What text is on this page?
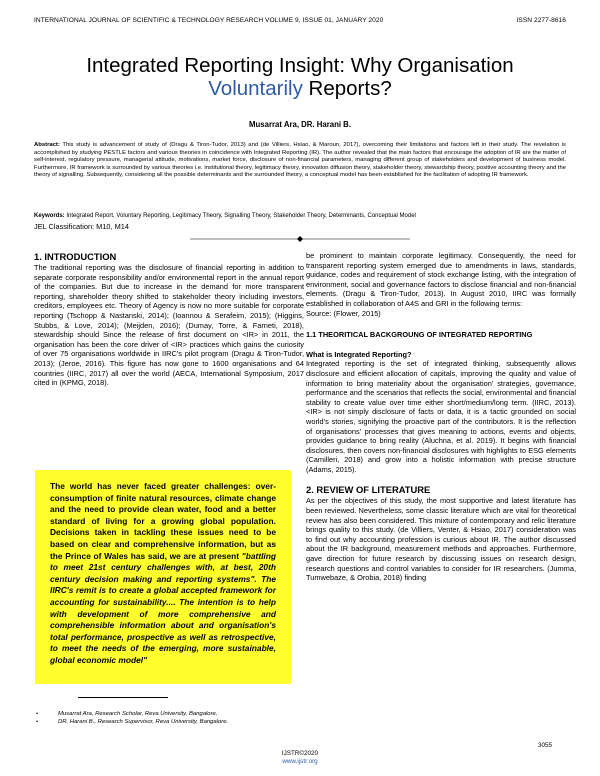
INTERNATIONAL JOURNAL OF SCIENTIFIC & TECHNOLOGY RESEARCH VOLUME 9, ISSUE 01, JANUARY 2020	ISSN 2277-8616
Integrated Reporting Insight: Why Organisation
Voluntarily Reports?
Musarrat Ara, DR. Harani B.
Abstract: This study is advancement of study of (Dragu & Tiron-Tudor, 2013) and (de Villiers, Hsiao, & Maroun, 2017), overcoming their limitations and factors left in their study. The revelation is accomplished by studying PESTLE factors and various theories in coincidence with Integrated Reporting (IR). The author revealed that the main factors that encourage the adoption of IR are the matter of self-interest, regulatory pressure, managerial attitude, motivations, market force, disclosure of non-financial parameters, managing different group of stakeholders and development of business model. Furthermore, IR framework is surrounded by various theories i.e. institutional theory, legitimacy theory, innovation diffusion theory, stakeholder theory, stewardship theory, positive accounting theory and the theory of signalling. Subsequently, considering all the possible determinants and the surrounded theory, a conceptual model has been established for the facilitation of adopting IR framework.
Keywords: Integrated Report, Voluntary Reporting, Legitimacy Theory, Signalling Theory, Stakeholder Theory, Determinants, Conceptual Model
JEL Classification: M10, M14
1. INTRODUCTION
The traditional reporting was the disclosure of financial reporting in addition to separate corporate responsibility and/or environmental report in the annual report of the companies. But due to increase in the demand for more transparent reporting, shareholder theory shifted to stakeholder theory including investors, creditors, employees etc. Theory of Agency is now no more suitable for corporate reporting (Tschopp & Nastanski, 2014); (Ioannou & Serafeim, 2015); (Higgins, Stubbs, & Love, 2014); (Meijden, 2016); (Dumay, Torre, & Farneti, 2018), stewardship should Since the release of first document on <IR> in 2011, the organisation has been the core driver of <IR> practices which gains the curiosity of over 75 organisations worldwide in IIRC's pilot program (Dragu & Tiron-Tudor, 2013); (Jeroe, 2016). This figure has now gone to 1600 organisations and 64 countries (IIRC, 2017) all over the world (AECA, International Symposium, 2017 cited in (KPMG, 2018).
The world has never faced greater challenges: over-consumption of finite natural resources, climate change and the need to provide clean water, food and a better standard of living for a growing global population. Decisions taken in tackling these issues need to be based on clear and comprehensive information, but as the Prince of Wales has said, we are at present "battling to meet 21st century challenges with, at best, 20th century decision making and reporting systems". The IIRC's remit is to create a global accepted framework for accounting for sustainability.... The intention is to help with development of more comprehensive and comprehensible information about and organisation's total performance, prospective as well as retrospective, to meet the needs of the emerging, more sustainable, global economic model"
•	Musarrat Ara, Research Scholar, Reva University, Bangalore.
•	DR. Harani B., Research Supervisor, Reva University, Bangalore.
be prominent to maintain corporate legitimacy. Consequently, the need for transparent reporting system emerged due to amendments in laws, standards, guidance, codes and requirement of stock exchange listing, with the integration of environment, social and governance factors to disclose financial and non-financial elements. (Dragu & Tiron-Tudor, 2013). In August 2010, IIRC was formally established in collaboration of A4S and GRI in the following terms:
Source: (Flower, 2015)
1.1 THEORITICAL BACKGROUNG OF INTEGRATED REPORTING
What is Integrated Reporting?
Integrated reporting is the set of integrated thinking, subsequently allows disclosure and efficient allocation of capitals, improving the quality and value of information to bring materiality about the organisation' strategies, governance, performance and the scenarios that reflects the social, environmental and financial stability to create value over time either short/medium/long term. (IIRC, 2013). <IR> is not simply disclosure of facts or data, it is a tactic grounded on social world's stories, signifying the proactive part of the contributors. It is the reflection of organisations' processes that gives meaning to actions, events and objects, provides guidance to bring reality (Aluchna, et al. 2019). It begins with financial disclosures, then covers non-financial disclosures with highlights to ESG elements (Camilleri, 2018) and grow into a holistic information with precise structure (Adams, 2015).
2. REVIEW OF LITERATURE
As per the objectives of this study, the most supportive and latest literature has been reviewed. Nevertheless, some classic literature which are vital for theoretical review has also been considered. This mixture of contemporary and relic literature brings quality to this study. (de Villiers, Venter, & Hsiao, 2017) consideration was to find out why accounting profession is curious about IR. The author discussed about the IR background, measurement methods and approaches. Furthermore, gave direction for future research by discussing issues on research design, research questions and control variables to consider for IR researchers. (Jumma, Tumwebaze, & Orobia, 2018) finding
3055
IJSTR©2020
www.ijstr.org
